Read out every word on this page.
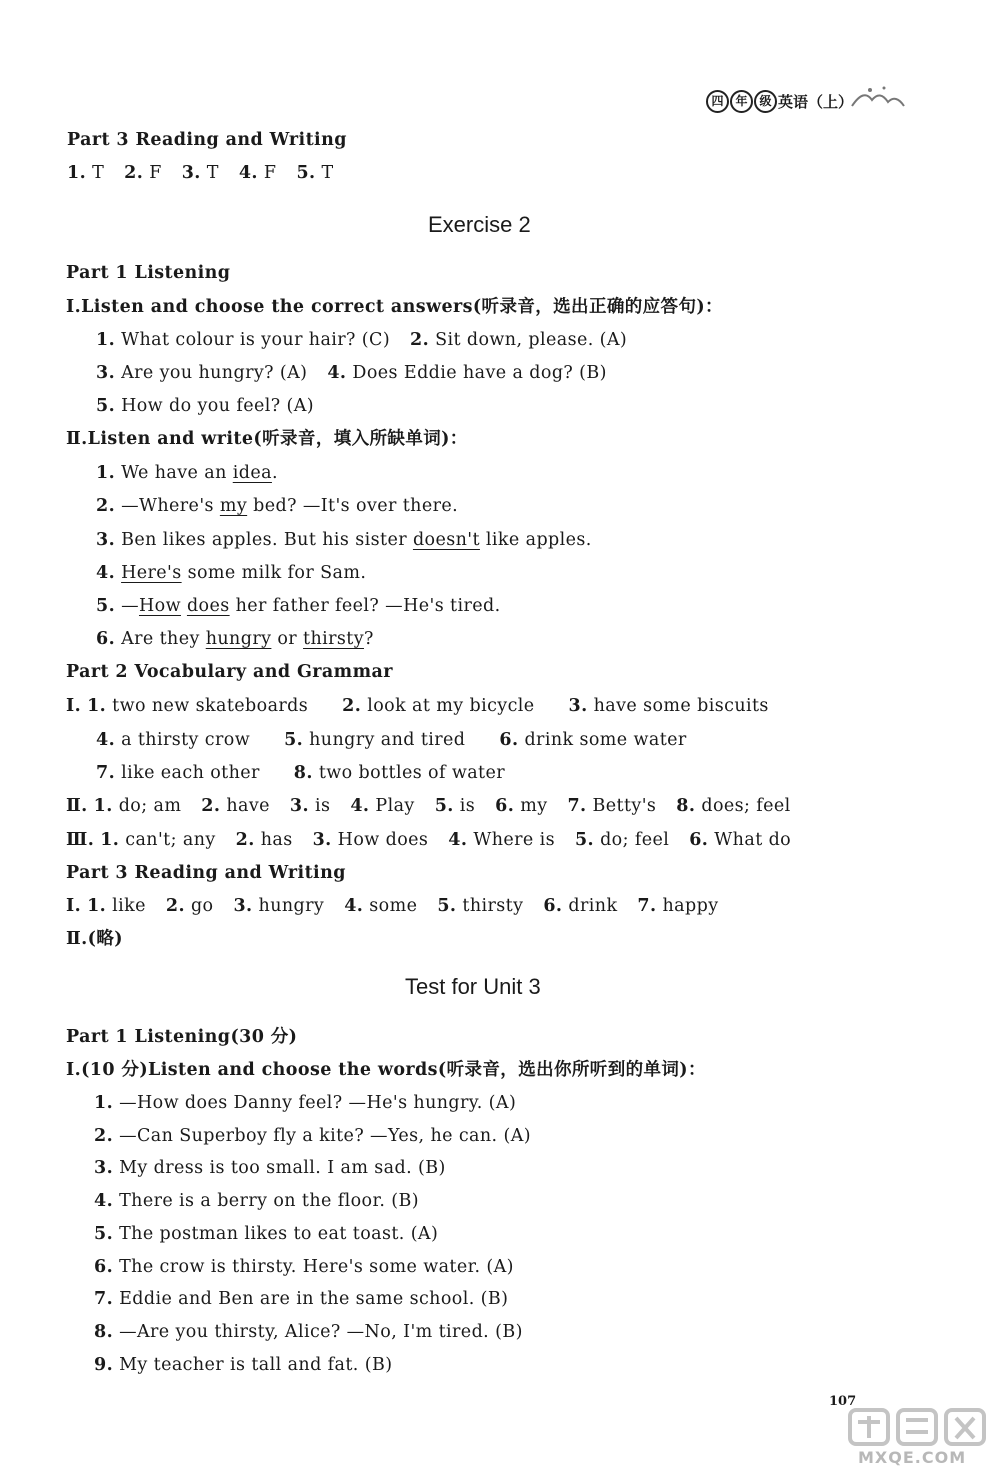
四 年 级 英语（上）
Part 3 Reading and Writing
1. T 2. F 3. T 4. F 5. T
Exercise 2
Part 1 Listening
Ⅰ.Listen and choose the correct answers(听录音，选出正确的应答句)：
1. What colour is your hair? (C) 2. Sit down, please. (A)
3. Are you hungry? (A) 4. Does Eddie have a dog? (B)
5. How do you feel? (A)
Ⅱ.Listen and write(听录音，填入所缺单词)：
1. We have an idea.
2. —Where's my bed? —It's over there.
3. Ben likes apples. But his sister doesn't like apples.
4. Here's some milk for Sam.
5. —How does her father feel? —He's tired.
6. Are they hungry or thirsty?
Part 2 Vocabulary and Grammar
Ⅰ. 1. two new skateboards 2. look at my bicycle 3. have some biscuits
4. a thirsty crow 5. hungry and tired 6. drink some water
7. like each other 8. two bottles of water
Ⅱ. 1. do; am 2. have 3. is 4. Play 5. is 6. my 7. Betty's 8. does; feel
Ⅲ. 1. can't; any 2. has 3. How does 4. Where is 5. do; feel 6. What do
Part 3 Reading and Writing
Ⅰ. 1. like 2. go 3. hungry 4. some 5. thirsty 6. drink 7. happy
Ⅱ.(略)
Test for Unit 3
Part 1 Listening(30 分)
Ⅰ.(10 分)Listen and choose the words(听录音，选出你所听到的单词)：
1. —How does Danny feel? —He's hungry. (A)
2. —Can Superboy fly a kite? —Yes, he can. (A)
3. My dress is too small. I am sad. (B)
4. There is a berry on the floor. (B)
5. The postman likes to eat toast. (A)
6. The crow is thirsty. Here's some water. (A)
7. Eddie and Ben are in the same school. (B)
8. —Are you thirsty, Alice? —No, I'm tired. (B)
9. My teacher is tall and fat. (B)
107
MXQE.COM
